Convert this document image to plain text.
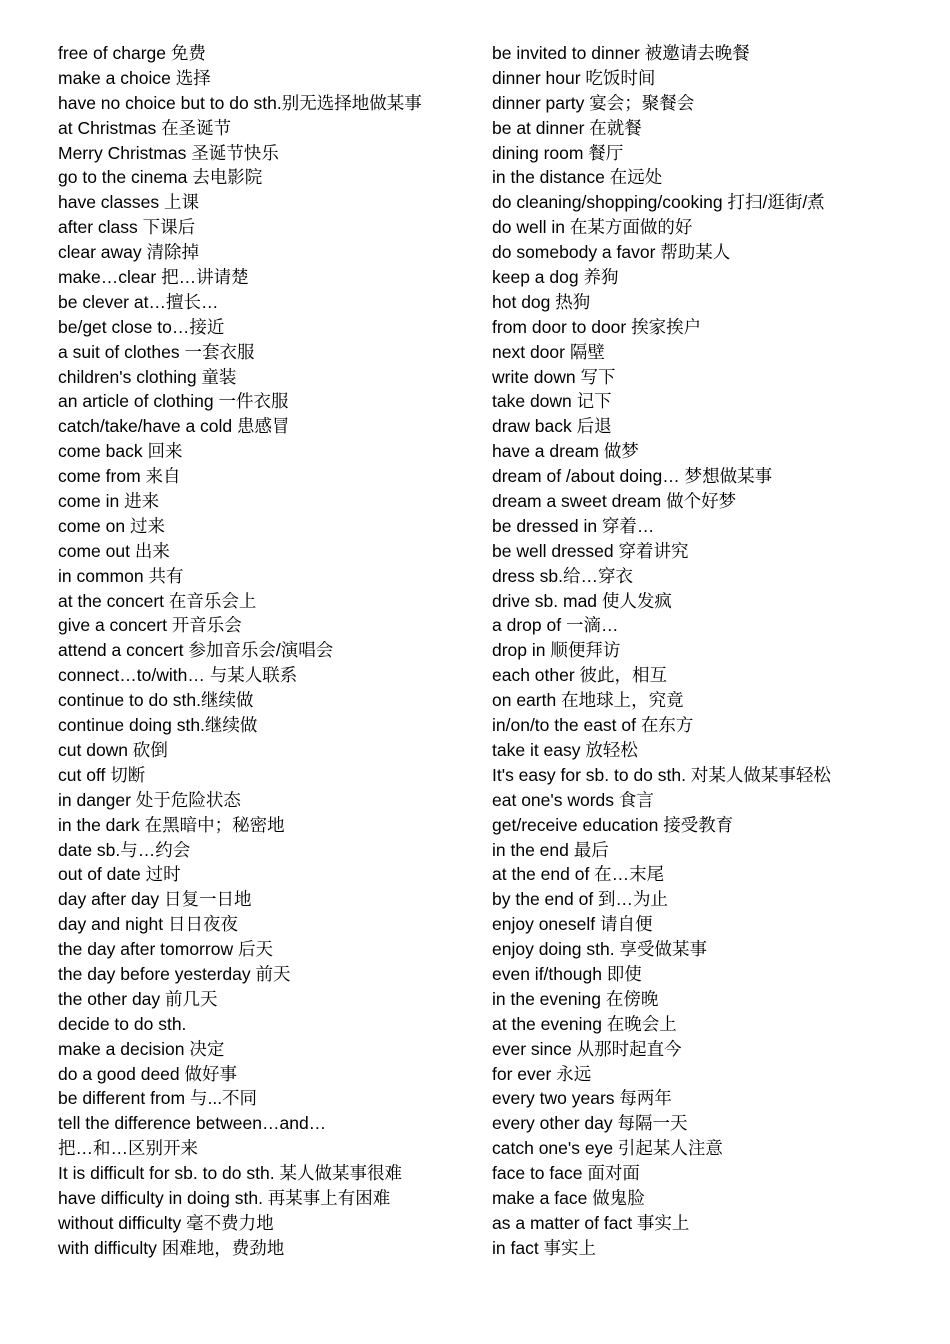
free of charge 免费
make a choice 选择
have no choice but to do sth.别无选择地做某事
at Christmas 在圣诞节
Merry Christmas 圣诞节快乐
go to the cinema 去电影院
have classes 上课
after class 下课后
clear away 清除掉
make…clear 把…讲请楚
be clever at…擅长…
be/get close to…接近
a suit of clothes 一套衣服
children's clothing 童装
an article of clothing 一件衣服
catch/take/have a cold 患感冒
come back 回来
come from 来自
come in 进来
come on 过来
come out 出来
in common 共有
at the concert 在音乐会上
give a concert 开音乐会
attend a concert 参加音乐会/演唱会
connect…to/with… 与某人联系
continue to do sth.继续做
continue doing sth.继续做
cut down 砍倒
cut off 切断
in danger 处于危险状态
in the dark 在黑暗中；秘密地
date sb.与…约会
out of date 过时
day after day 日复一日地
day and night 日日夜夜
the day after tomorrow 后天
the day before yesterday 前天
the other day 前几天
decide to do sth.
make a decision 决定
do a good deed 做好事
be different from 与...不同
tell the difference between…and…
把…和…区别开来
It is difficult for sb. to do sth. 某人做某事很难
have difficulty in doing sth. 再某事上有困难
without difficulty 毫不费力地
with difficulty 困难地，费劲地
be invited to dinner 被邀请去晚餐
dinner hour 吃饭时间
dinner party 宴会；聚餐会
be at dinner 在就餐
dining room 餐厅
in the distance 在远处
do cleaning/shopping/cooking 打扫/逛街/煮
do well in 在某方面做的好
do somebody a favor 帮助某人
keep a dog 养狗
hot dog 热狗
from door to door 挨家挨户
next door 隔壁
write down 写下
take down 记下
draw back 后退
have a dream 做梦
dream of /about doing… 梦想做某事
dream a sweet dream 做个好梦
be dressed in 穿着…
be well dressed 穿着讲究
dress sb.给…穿衣
drive sb. mad 使人发疯
a drop of 一滴…
drop in 顺便拜访
each other 彼此，相互
on earth 在地球上，究竟
in/on/to the east of 在东方
take it easy 放轻松
It's easy for sb. to do sth. 对某人做某事轻松
eat one's words 食言
get/receive education 接受教育
in the end 最后
at the end of 在…末尾
by the end of 到…为止
enjoy oneself 请自便
enjoy doing sth. 享受做某事
even if/though 即使
in the evening 在傍晚
at the evening 在晚会上
ever since 从那时起直今
for ever 永远
every two years 每两年
every other day 每隔一天
catch one's eye 引起某人注意
face to face 面对面
make a face 做鬼脸
as a matter of fact 事实上
in fact 事实上
